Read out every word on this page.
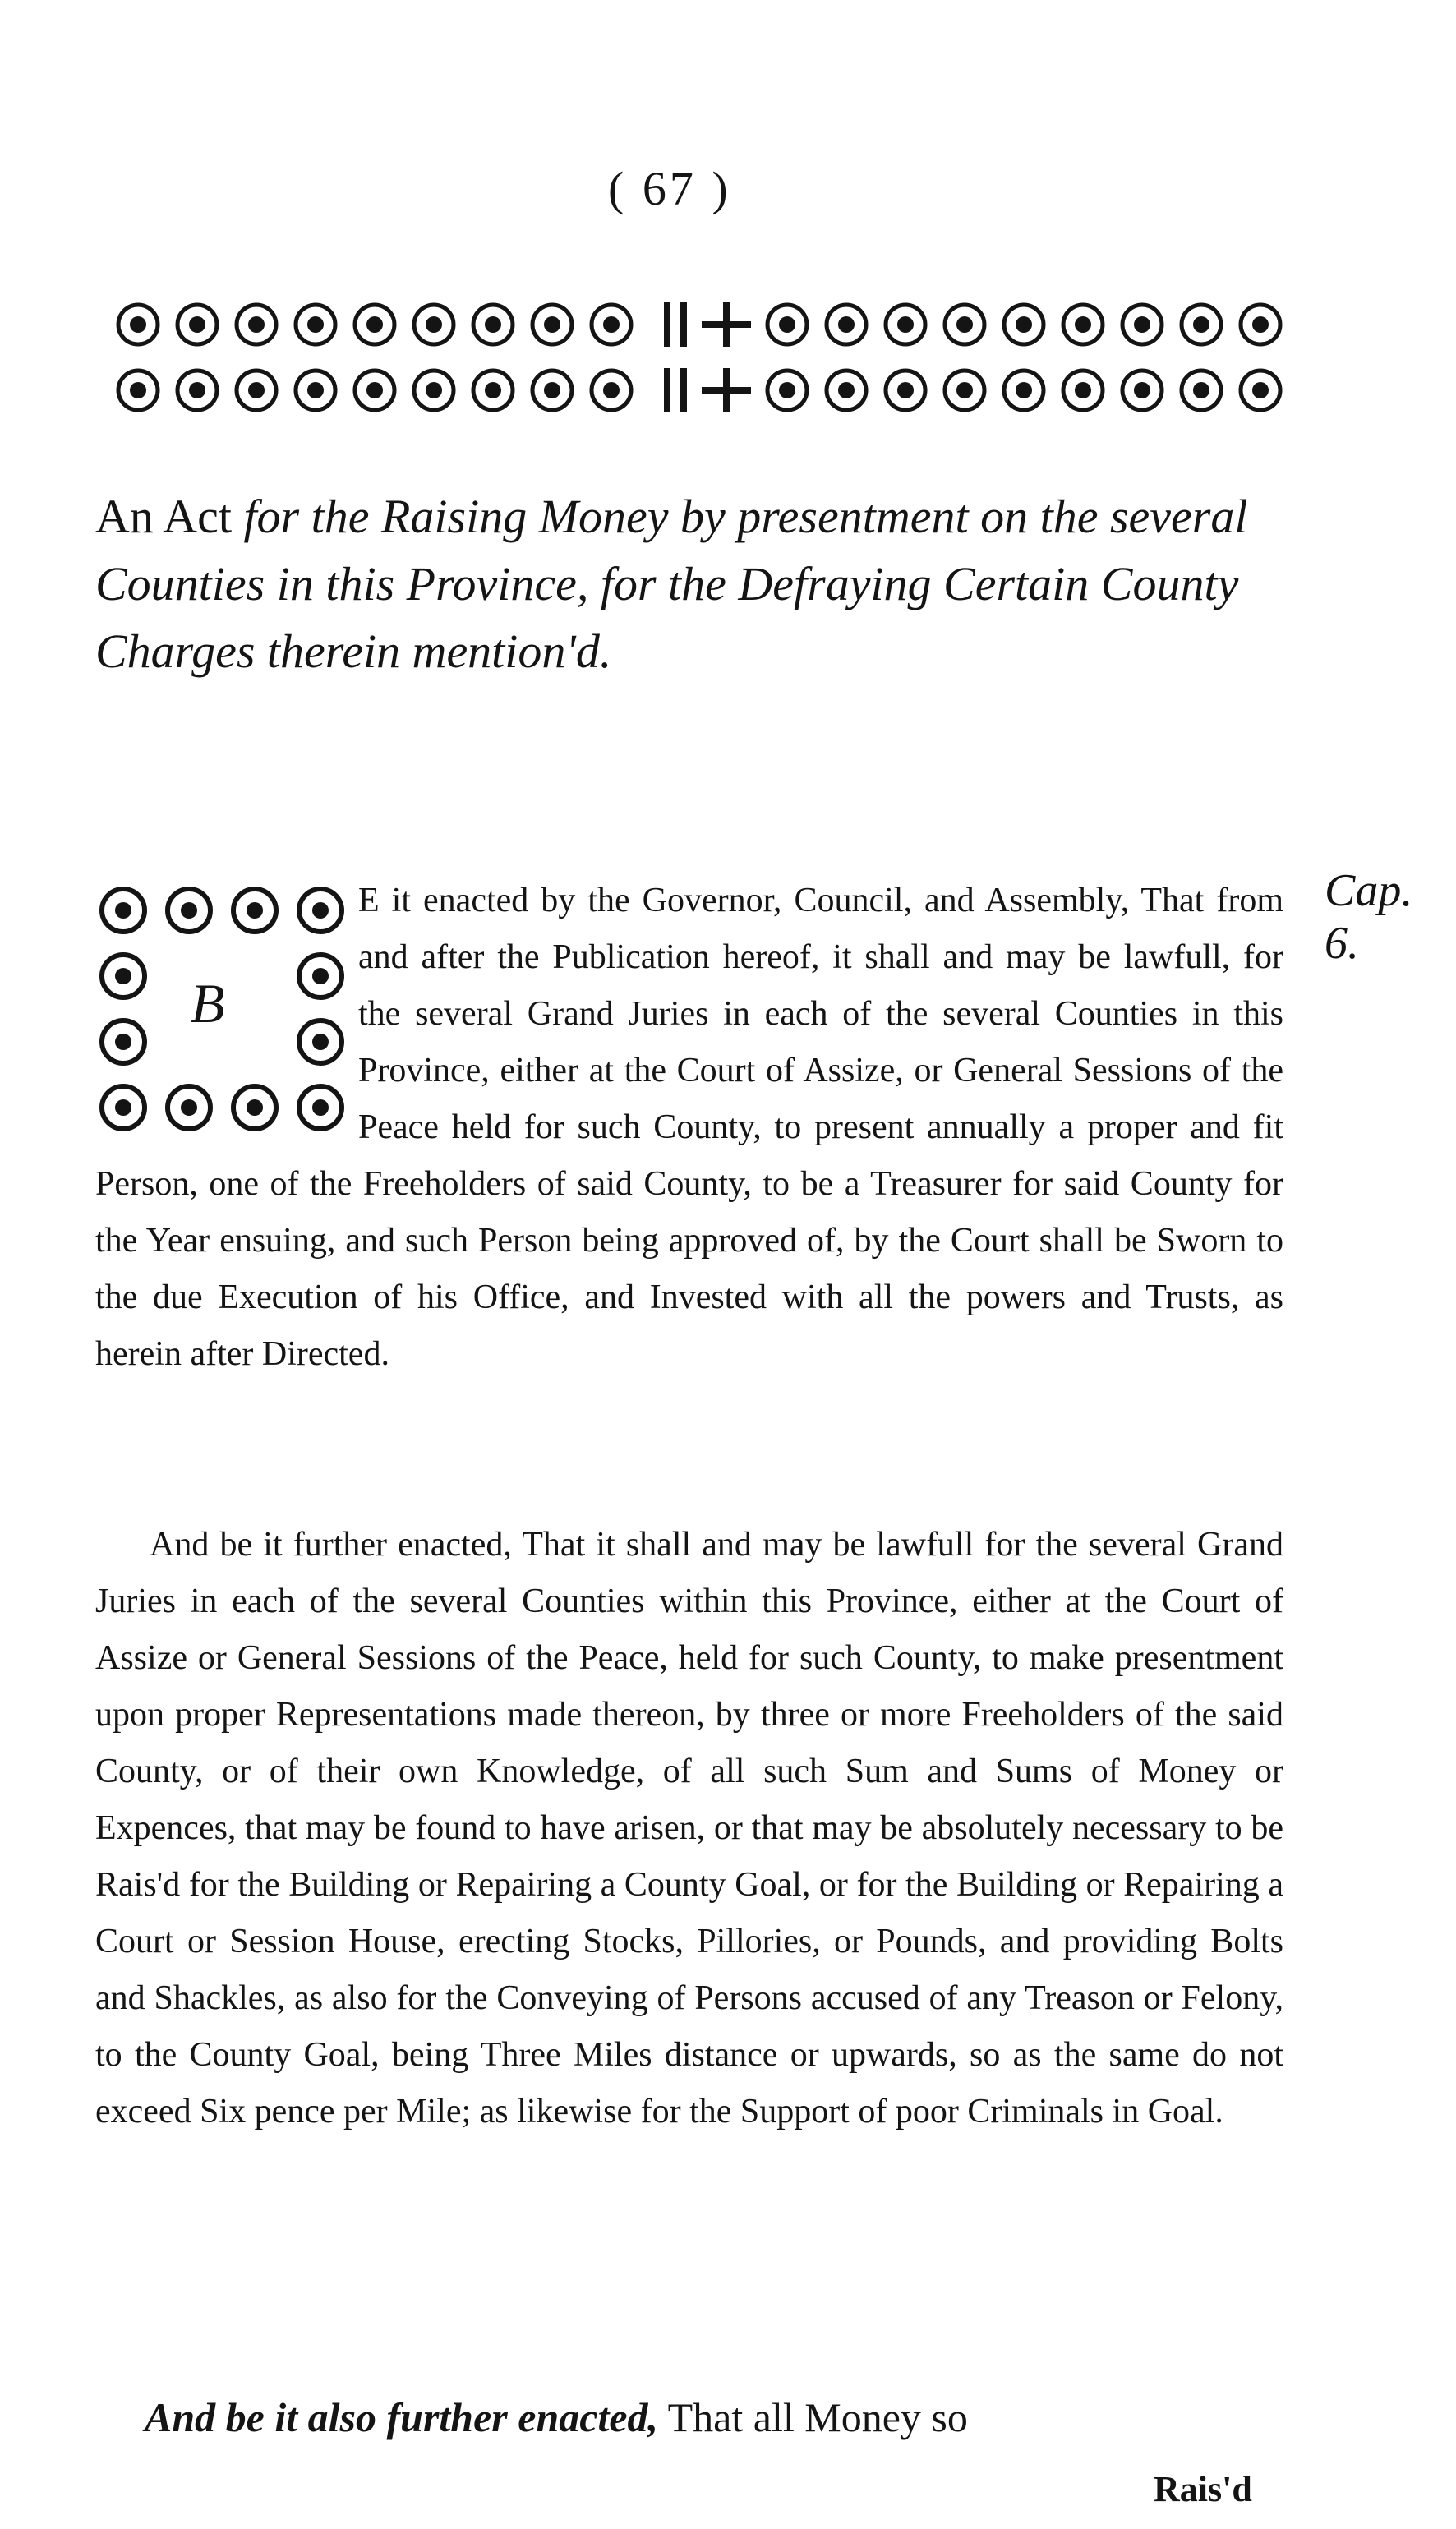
( 67 )
An Act for the Raising Money by presentment on the several Counties in this Province, for the Defraying Certain County Charges therein mention'd.
Cap. 6.
B

E it enacted by the Governor, Council, and Assembly, That from and after the Publication hereof, it shall and may be lawfull, for the several Grand Juries in each of the several Counties in this Province, either at the Court of Assize, or General Sessions of the Peace held for such County, to present annually a proper and fit Person, one of the Freeholders of said County, to be a Treasurer for said County for the Year ensuing, and such Person being approved of, by the Court shall be Sworn to the due Execution of his Office, and Invested with all the powers and Trusts, as herein after Directed.

And be it further enacted, That it shall and may be lawfull for the several Grand Juries in each of the several Counties within this Province, either at the Court of Assize or General Sessions of the Peace, held for such County, to make presentment upon proper Representations made thereon, by three or more Freeholders of the said County, or of their own Knowledge, of all such Sum and Sums of Money or Expences, that may be found to have arisen, or that may be absolutely necessary to be Rais'd for the Building or Repairing a County Goal, or for the Building or Repairing a Court or Session House, erecting Stocks, Pillories, or Pounds, and providing Bolts and Shackles, as also for the Conveying of Persons accused of any Treason or Felony, to the County Goal, being Three Miles distance or upwards, so as the same do not exceed Six pence per Mile; as likewise for the Support of poor Criminals in Goal.

And be it also further enacted, That all Money so

Rais'd
